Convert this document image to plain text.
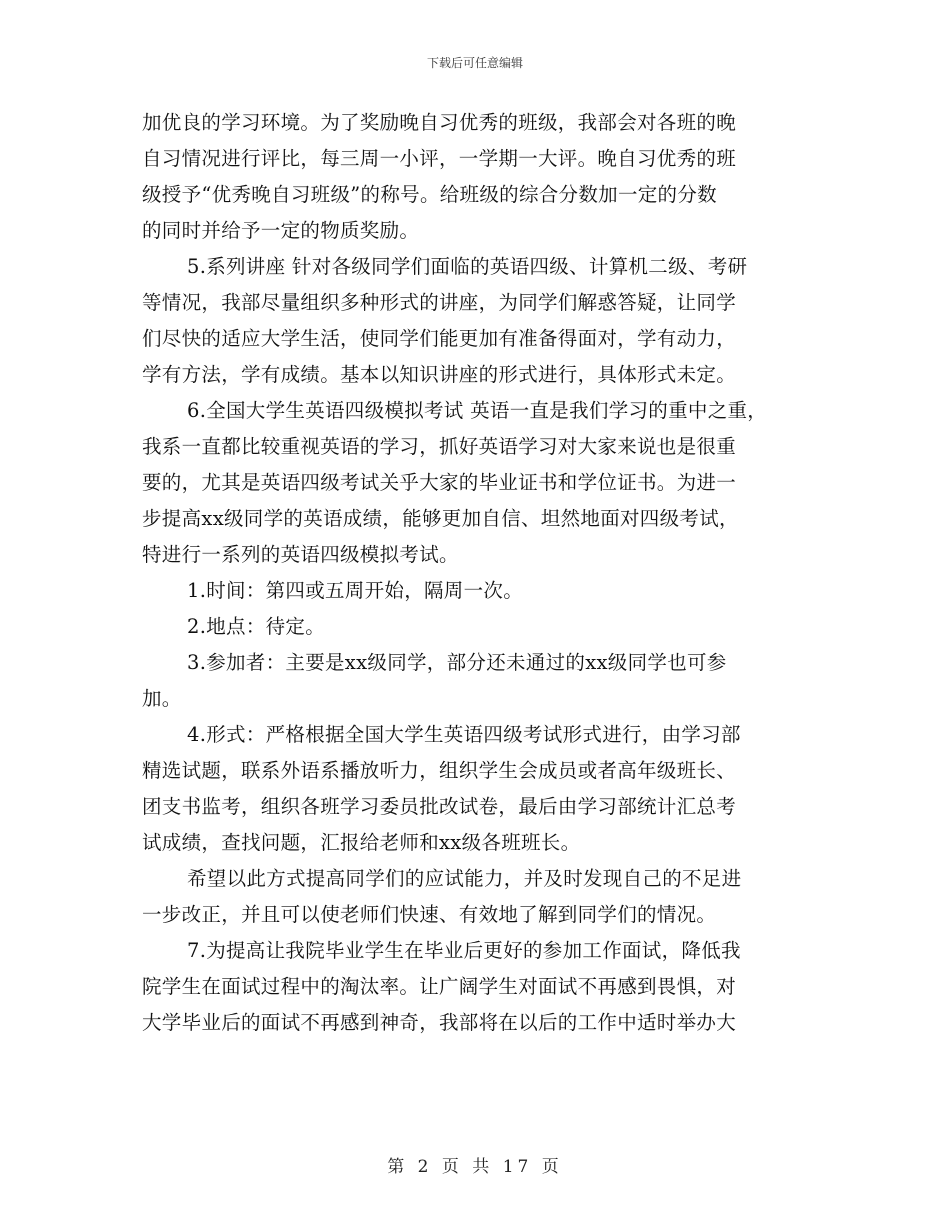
下载后可任意编辑
加优良的学习环境。为了奖励晚自习优秀的班级，我部会对各班的晚
自习情况进行评比，每三周一小评，一学期一大评。晚自习优秀的班
级授予“优秀晚自习班级”的称号。给班级的综合分数加一定的分数
的同时并给予一定的物质奖励。
5.系列讲座 针对各级同学们面临的英语四级、计算机二级、考研
等情况，我部尽量组织多种形式的讲座，为同学们解惑答疑，让同学
们尽快的适应大学生活，使同学们能更加有准备得面对，学有动力，
学有方法，学有成绩。基本以知识讲座的形式进行，具体形式未定。
6.全国大学生英语四级模拟考试 英语一直是我们学习的重中之重，
我系一直都比较重视英语的学习，抓好英语学习对大家来说也是很重
要的，尤其是英语四级考试关乎大家的毕业证书和学位证书。为进一
步提高xx级同学的英语成绩，能够更加自信、坦然地面对四级考试，
特进行一系列的英语四级模拟考试。
1.时间：第四或五周开始，隔周一次。
2.地点：待定。
3.参加者：主要是xx级同学，部分还未通过的xx级同学也可参
加。
4.形式：严格根据全国大学生英语四级考试形式进行，由学习部
精选试题，联系外语系播放听力，组织学生会成员或者高年级班长、
团支书监考，组织各班学习委员批改试卷，最后由学习部统计汇总考
试成绩，查找问题，汇报给老师和xx级各班班长。
希望以此方式提高同学们的应试能力，并及时发现自己的不足进
一步改正，并且可以使老师们快速、有效地了解到同学们的情况。
7.为提高让我院毕业学生在毕业后更好的参加工作面试，降低我
院学生在面试过程中的淘汰率。让广阔学生对面试不再感到畏惧，对
大学毕业后的面试不再感到神奇，我部将在以后的工作中适时举办大
第 2 页 共 17 页
